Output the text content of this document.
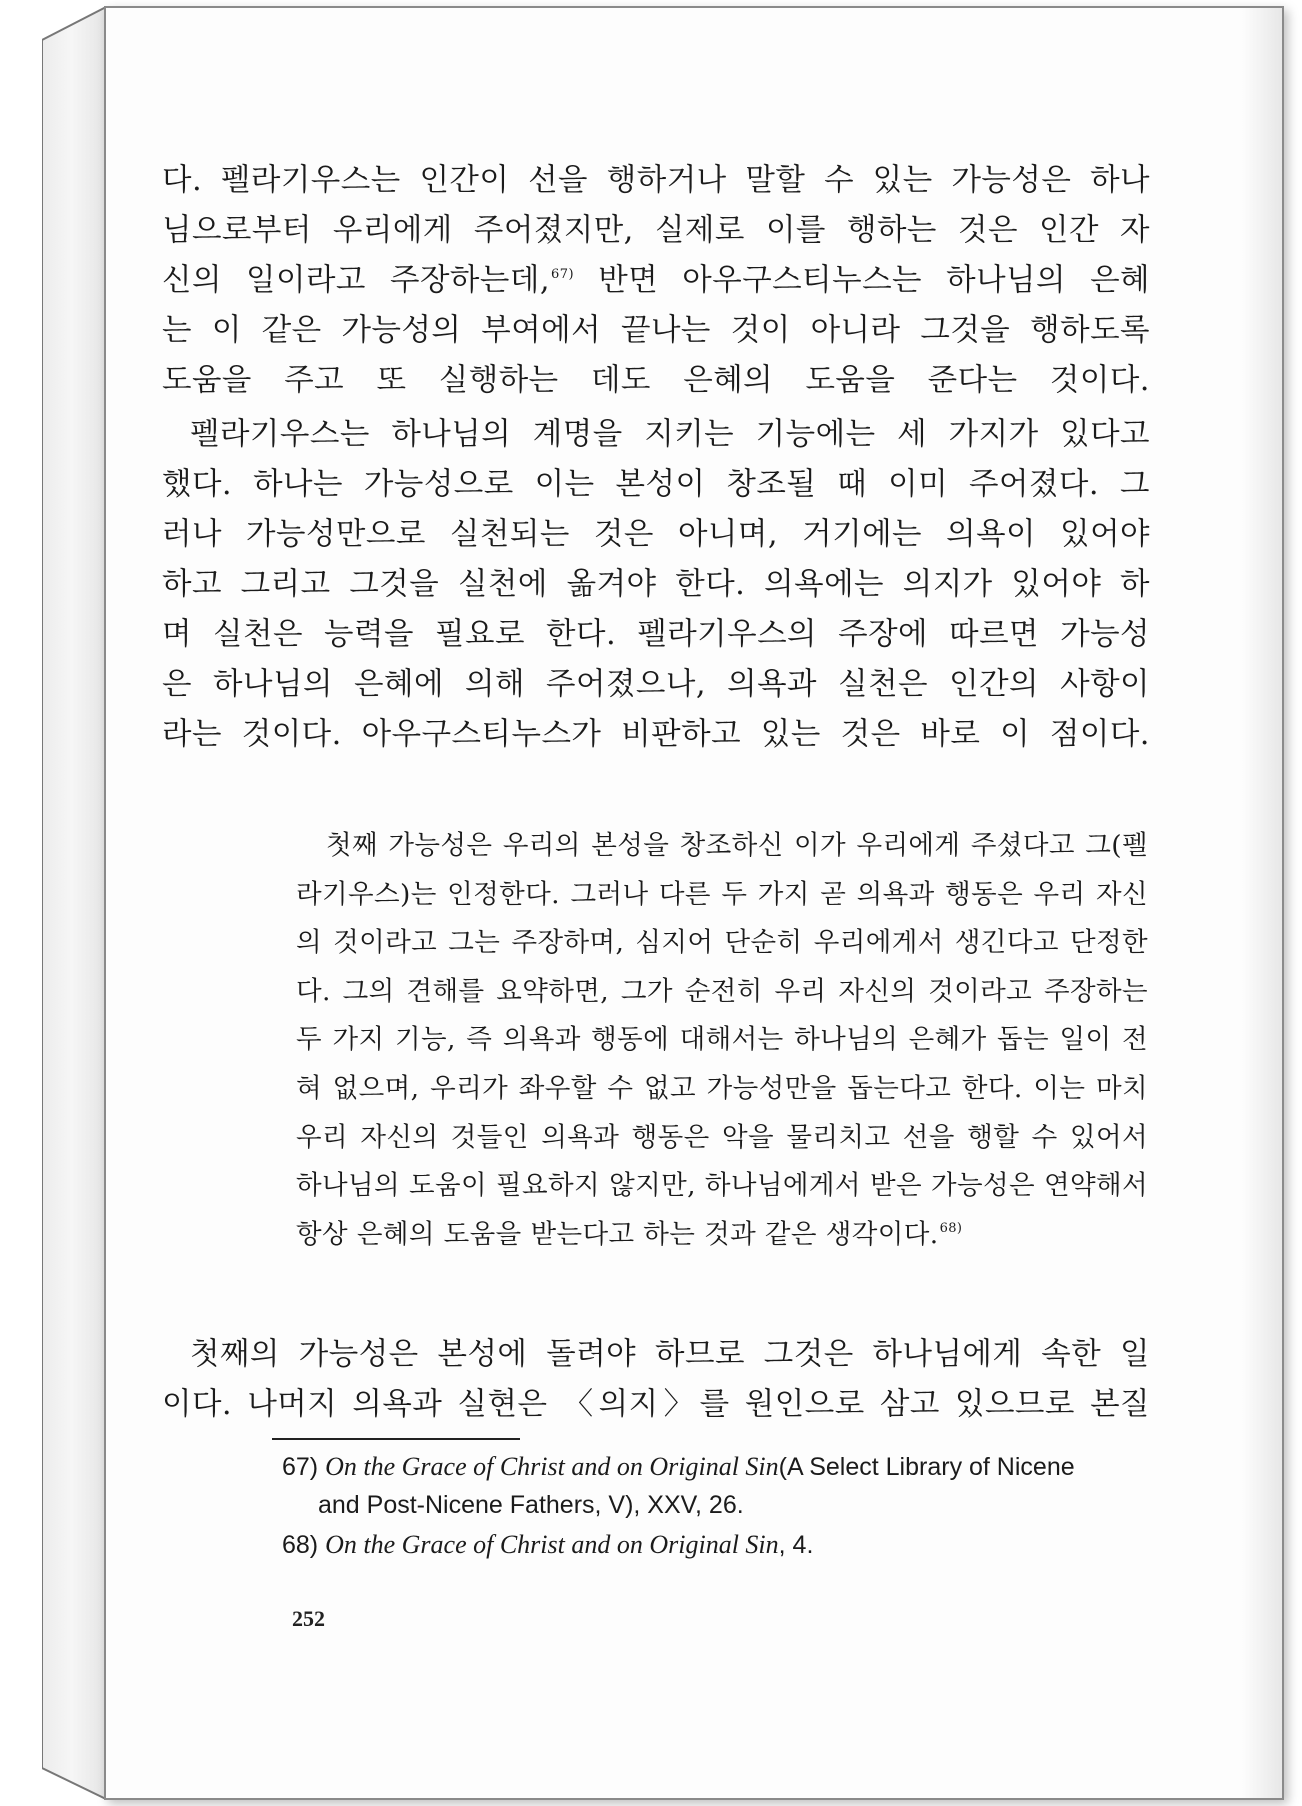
다. 펠라기우스는 인간이 선을 행하거나 말할 수 있는 가능성은 하나
님으로부터 우리에게 주어졌지만, 실제로 이를 행하는 것은 인간 자
신의 일이라고 주장하는데,$^{67)}$ 반면 아우구스티누스는 하나님의 은혜
는 이 같은 가능성의 부여에서 끝나는 것이 아니라 그것을 행하도록
도움을 주고 또 실행하는 데도 은혜의 도움을 준다는 것이다.
펠라기우스는 하나님의 계명을 지키는 기능에는 세 가지가 있다고
했다. 하나는 가능성으로 이는 본성이 창조될 때 이미 주어졌다. 그
러나 가능성만으로 실천되는 것은 아니며, 거기에는 의욕이 있어야
하고 그리고 그것을 실천에 옮겨야 한다. 의욕에는 의지가 있어야 하
며 실천은 능력을 필요로 한다. 펠라기우스의 주장에 따르면 가능성
은 하나님의 은혜에 의해 주어졌으나, 의욕과 실천은 인간의 사항이
라는 것이다. 아우구스티누스가 비판하고 있는 것은 바로 이 점이다.
첫째 가능성은 우리의 본성을 창조하신 이가 우리에게 주셨다고 그(펠
라기우스)는 인정한다. 그러나 다른 두 가지 곧 의욕과 행동은 우리 자신
의 것이라고 그는 주장하며, 심지어 단순히 우리에게서 생긴다고 단정한
다. 그의 견해를 요약하면, 그가 순전히 우리 자신의 것이라고 주장하는
두 가지 기능, 즉 의욕과 행동에 대해서는 하나님의 은혜가 돕는 일이 전
혀 없으며, 우리가 좌우할 수 없고 가능성만을 돕는다고 한다. 이는 마치
우리 자신의 것들인 의욕과 행동은 악을 물리치고 선을 행할 수 있어서
하나님의 도움이 필요하지 않지만, 하나님에게서 받은 가능성은 연약해서
항상 은혜의 도움을 받는다고 하는 것과 같은 생각이다.$^{68)}$
첫째의 가능성은 본성에 돌려야 하므로 그것은 하나님에게 속한 일
이다. 나머지 의욕과 실현은 〈의지〉를 원인으로 삼고 있으므로 본질
67) On the Grace of Christ and on Original Sin(A Select Library of Nicene
and Post-Nicene Fathers, V), XXV, 26.
68) On the Grace of Christ and on Original Sin, 4.
252
